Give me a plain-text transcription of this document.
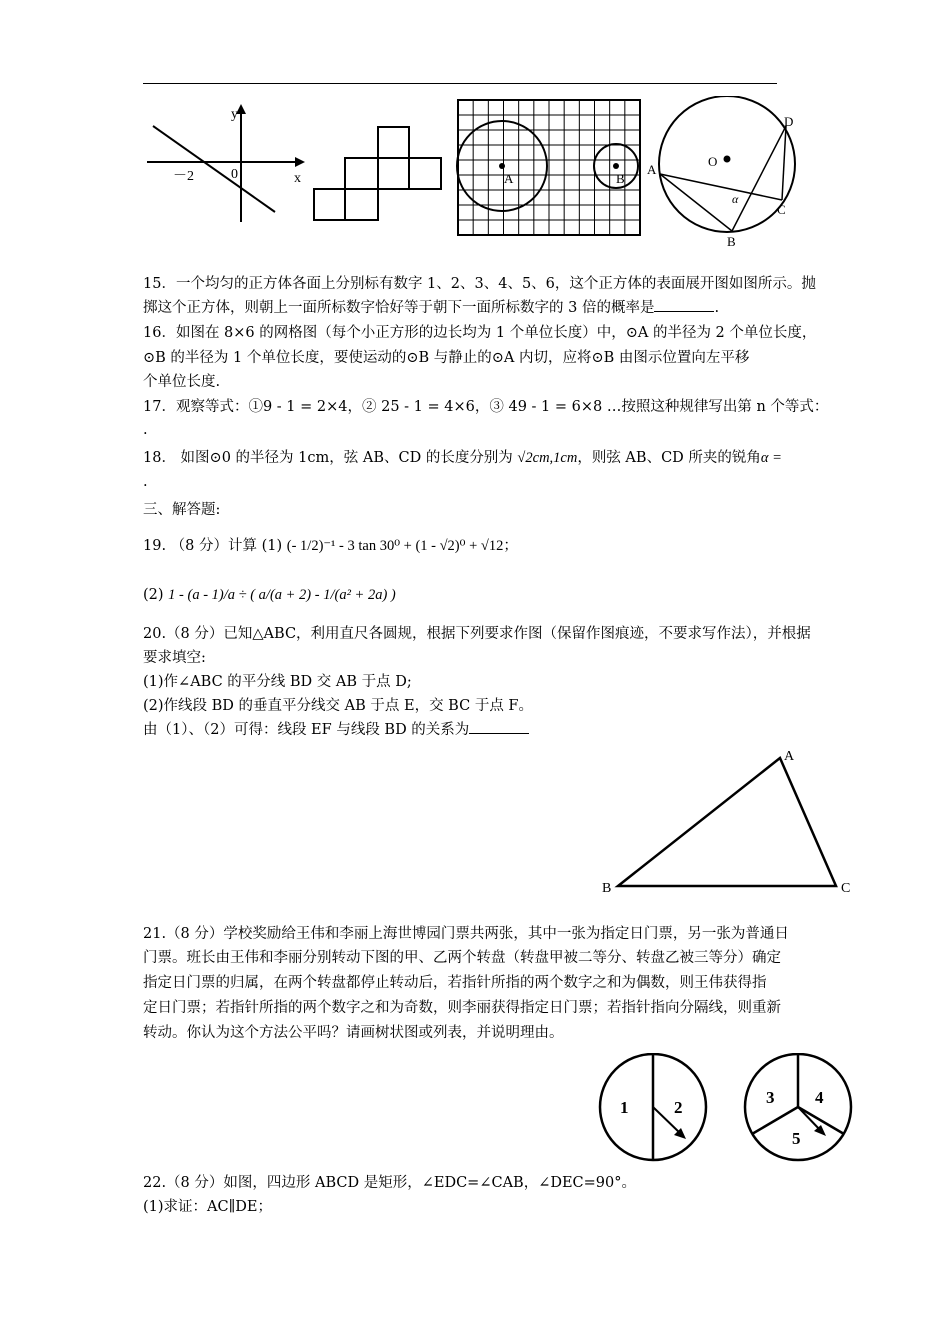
y
x
－2	0	A	B
O
A
B
C
D
α
15．一个均匀的正方体各面上分别标有数字 1、2、3、4、5、6，这个正方体的表面展开图如图所示。抛
掷这个正方体，则朝上一面所标数字恰好等于朝下一面所标数字的 3 倍的概率是	.
16．如图在 8×6 的网格图（每个小正方形的边长均为 1 个单位长度）中，⊙A 的半径为 2 个单位长度，
⊙B 的半径为 1 个单位长度，要使运动的⊙B 与静止的⊙A 内切，应将⊙B 由图示位置向左平移
个单位长度.
17．观察等式：①9 - 1 = 2×4，② 25 - 1 = 4×6，③ 49 - 1 = 6×8 …按照这种规律写出第 n 个等式：
.
18． 如图⊙0 的半径为 1cm，弦 AB、CD 的长度分别为 √2cm,1cm，则弦 AB、CD 所夹的锐角α =
.
三、解答题:
19. （8 分）计算 (1) (- 1/2)⁻¹ - 3 tan 30⁰ + (1 - √2)⁰ + √12；
(2) 1 - (a - 1)/a ÷ ( a/(a + 2) - 1/(a² + 2a) )
20.（8 分）已知△ABC，利用直尺各圆规，根据下列要求作图（保留作图痕迹，不要求写作法），并根据
要求填空:
(1)作∠ABC 的平分线 BD 交 AB 于点 D;
(2)作线段 BD 的垂直平分线交 AB 于点 E，交 BC 于点 F。
由（1）、（2）可得：线段 EF 与线段 BD 的关系为
A
B	C
21.（8 分）学校奖励给王伟和李丽上海世博园门票共两张，其中一张为指定日门票，另一张为普通日
门票。班长由王伟和李丽分别转动下图的甲、乙两个转盘（转盘甲被二等分、转盘乙被三等分）确定
指定日门票的归属，在两个转盘都停止转动后，若指针所指的两个数字之和为偶数，则王伟获得指
定日门票；若指针所指的两个数字之和为奇数，则李丽获得指定日门票；若指针指向分隔线，则重新
转动。你认为这个方法公平吗？请画树状图或列表，并说明理由。
1	2
3 4
5
22.（8 分）如图，四边形 ABCD 是矩形，∠EDC=∠CAB，∠DEC=90°。
(1)求证：AC∥DE；
